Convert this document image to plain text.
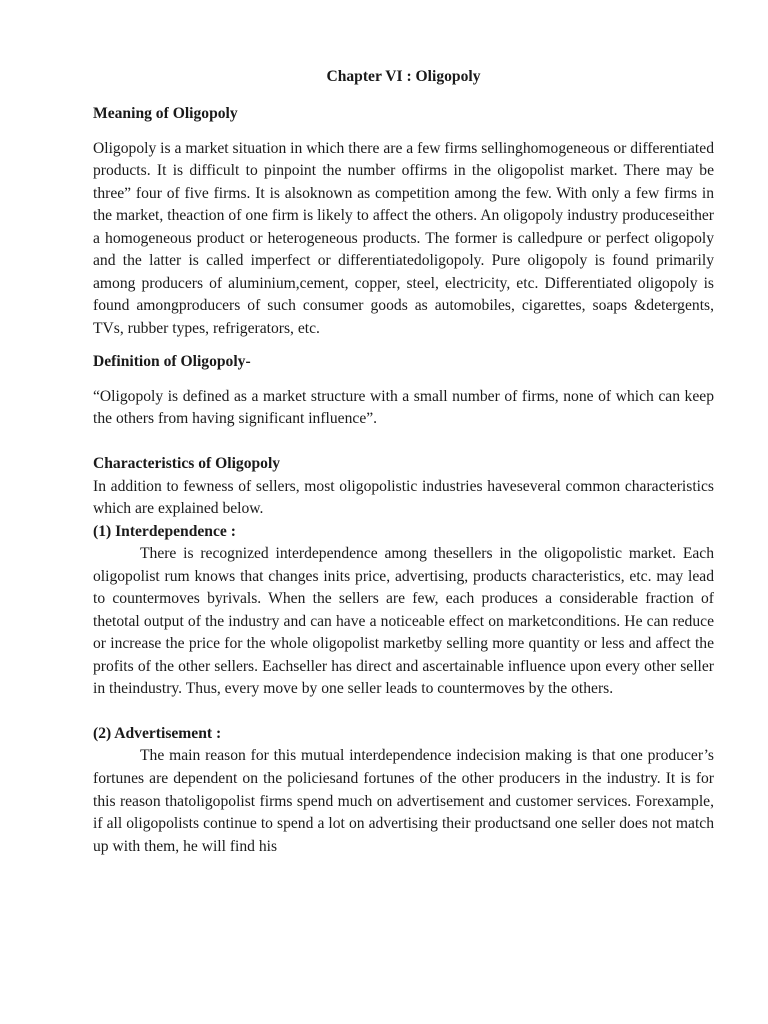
Chapter VI : Oligopoly
Meaning of Oligopoly

Oligopoly is a market situation in which there are a few firms sellinghomogeneous or differentiated products. It is difficult to pinpoint the number offirms in the oligopolist market. There may be three” four of five firms. It is alsoknown as competition among the few. With only a few firms in the market, theaction of one firm is likely to affect the others. An oligopoly industry produceseither a homogeneous product or heterogeneous products. The former is calledpure or perfect oligopoly and the latter is called imperfect or differentiatedoligopoly. Pure oligopoly is found primarily among producers of aluminium,cement, copper, steel, electricity, etc. Differentiated oligopoly is found amongproducers of such consumer goods as automobiles, cigarettes, soaps &detergents, TVs, rubber types, refrigerators, etc.

Definition of Oligopoly-

“Oligopoly is defined as a market structure with a small number of firms, none of which can keep the others from having significant influence”.

Characteristics of Oligopoly

In addition to fewness of sellers, most oligopolistic industries haveseveral common characteristics which are explained below.

(1) Interdependence :

There is recognized interdependence among thesellers in the oligopolistic market. Each oligopolist rum knows that changes inits price, advertising, products characteristics, etc. may lead to countermoves byrivals. When the sellers are few, each produces a considerable fraction of thetotal output of the industry and can have a noticeable effect on marketconditions. He can reduce or increase the price for the whole oligopolist marketby selling more quantity or less and affect the profits of the other sellers. Eachseller has direct and ascertainable influence upon every other seller in theindustry. Thus, every move by one seller leads to countermoves by the others.

(2) Advertisement :

The main reason for this mutual interdependence indecision making is that one producer’s fortunes are dependent on the policiesand fortunes of the other producers in the industry. It is for this reason thatoligopolist firms spend much on advertisement and customer services. Forexample, if all oligopolists continue to spend a lot on advertising their productsand one seller does not match up with them, he will find his
